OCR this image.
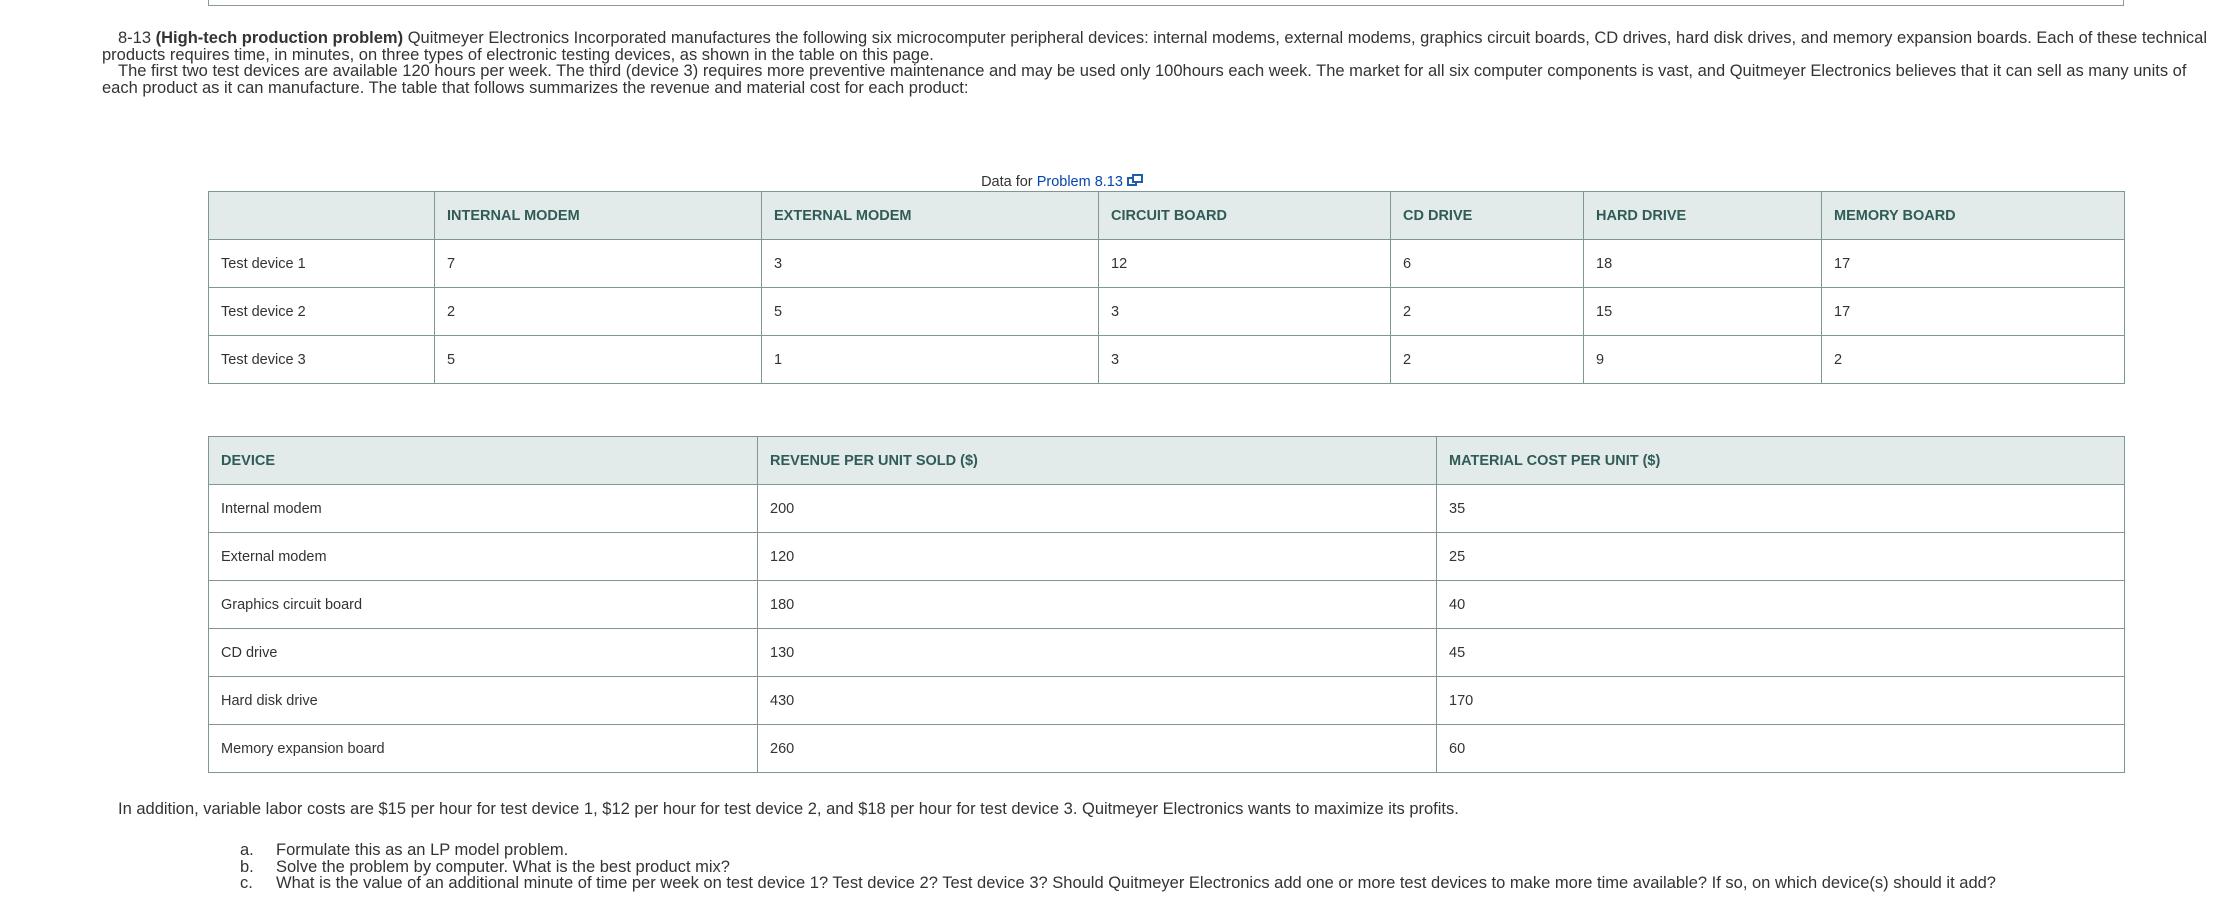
8-13 (High-tech production problem) Quitmeyer Electronics Incorporated manufactures the following six microcomputer peripheral devices: internal modems, external modems, graphics circuit boards, CD drives, hard disk drives, and memory expansion boards. Each of these technical products requires time, in minutes, on three types of electronic testing devices, as shown in the table on this page.
The first two test devices are available 120 hours per week. The third (device 3) requires more preventive maintenance and may be used only 100hours each week. The market for all six computer components is vast, and Quitmeyer Electronics believes that it can sell as many units of each product as it can manufacture. The table that follows summarizes the revenue and material cost for each product:
Data for Problem 8.13
	INTERNAL MODEM	EXTERNAL MODEM	CIRCUIT BOARD	CD DRIVE	HARD DRIVE	MEMORY BOARD
Test device 1	7	3	12	6	18	17
Test device 2	2	5	3	2	15	17
Test device 3	5	1	3	2	9	2
DEVICE	REVENUE PER UNIT SOLD ($)	MATERIAL COST PER UNIT ($)
Internal modem	200	35
External modem	120	25
Graphics circuit board	180	40
CD drive	130	45
Hard disk drive	430	170
Memory expansion board	260	60
In addition, variable labor costs are $15 per hour for test device 1, $12 per hour for test device 2, and $18 per hour for test device 3. Quitmeyer Electronics wants to maximize its profits.
a. Formulate this as an LP model problem.
b. Solve the problem by computer. What is the best product mix?
c. What is the value of an additional minute of time per week on test device 1? Test device 2? Test device 3? Should Quitmeyer Electronics add one or more test devices to make more time available? If so, on which device(s) should it add?
